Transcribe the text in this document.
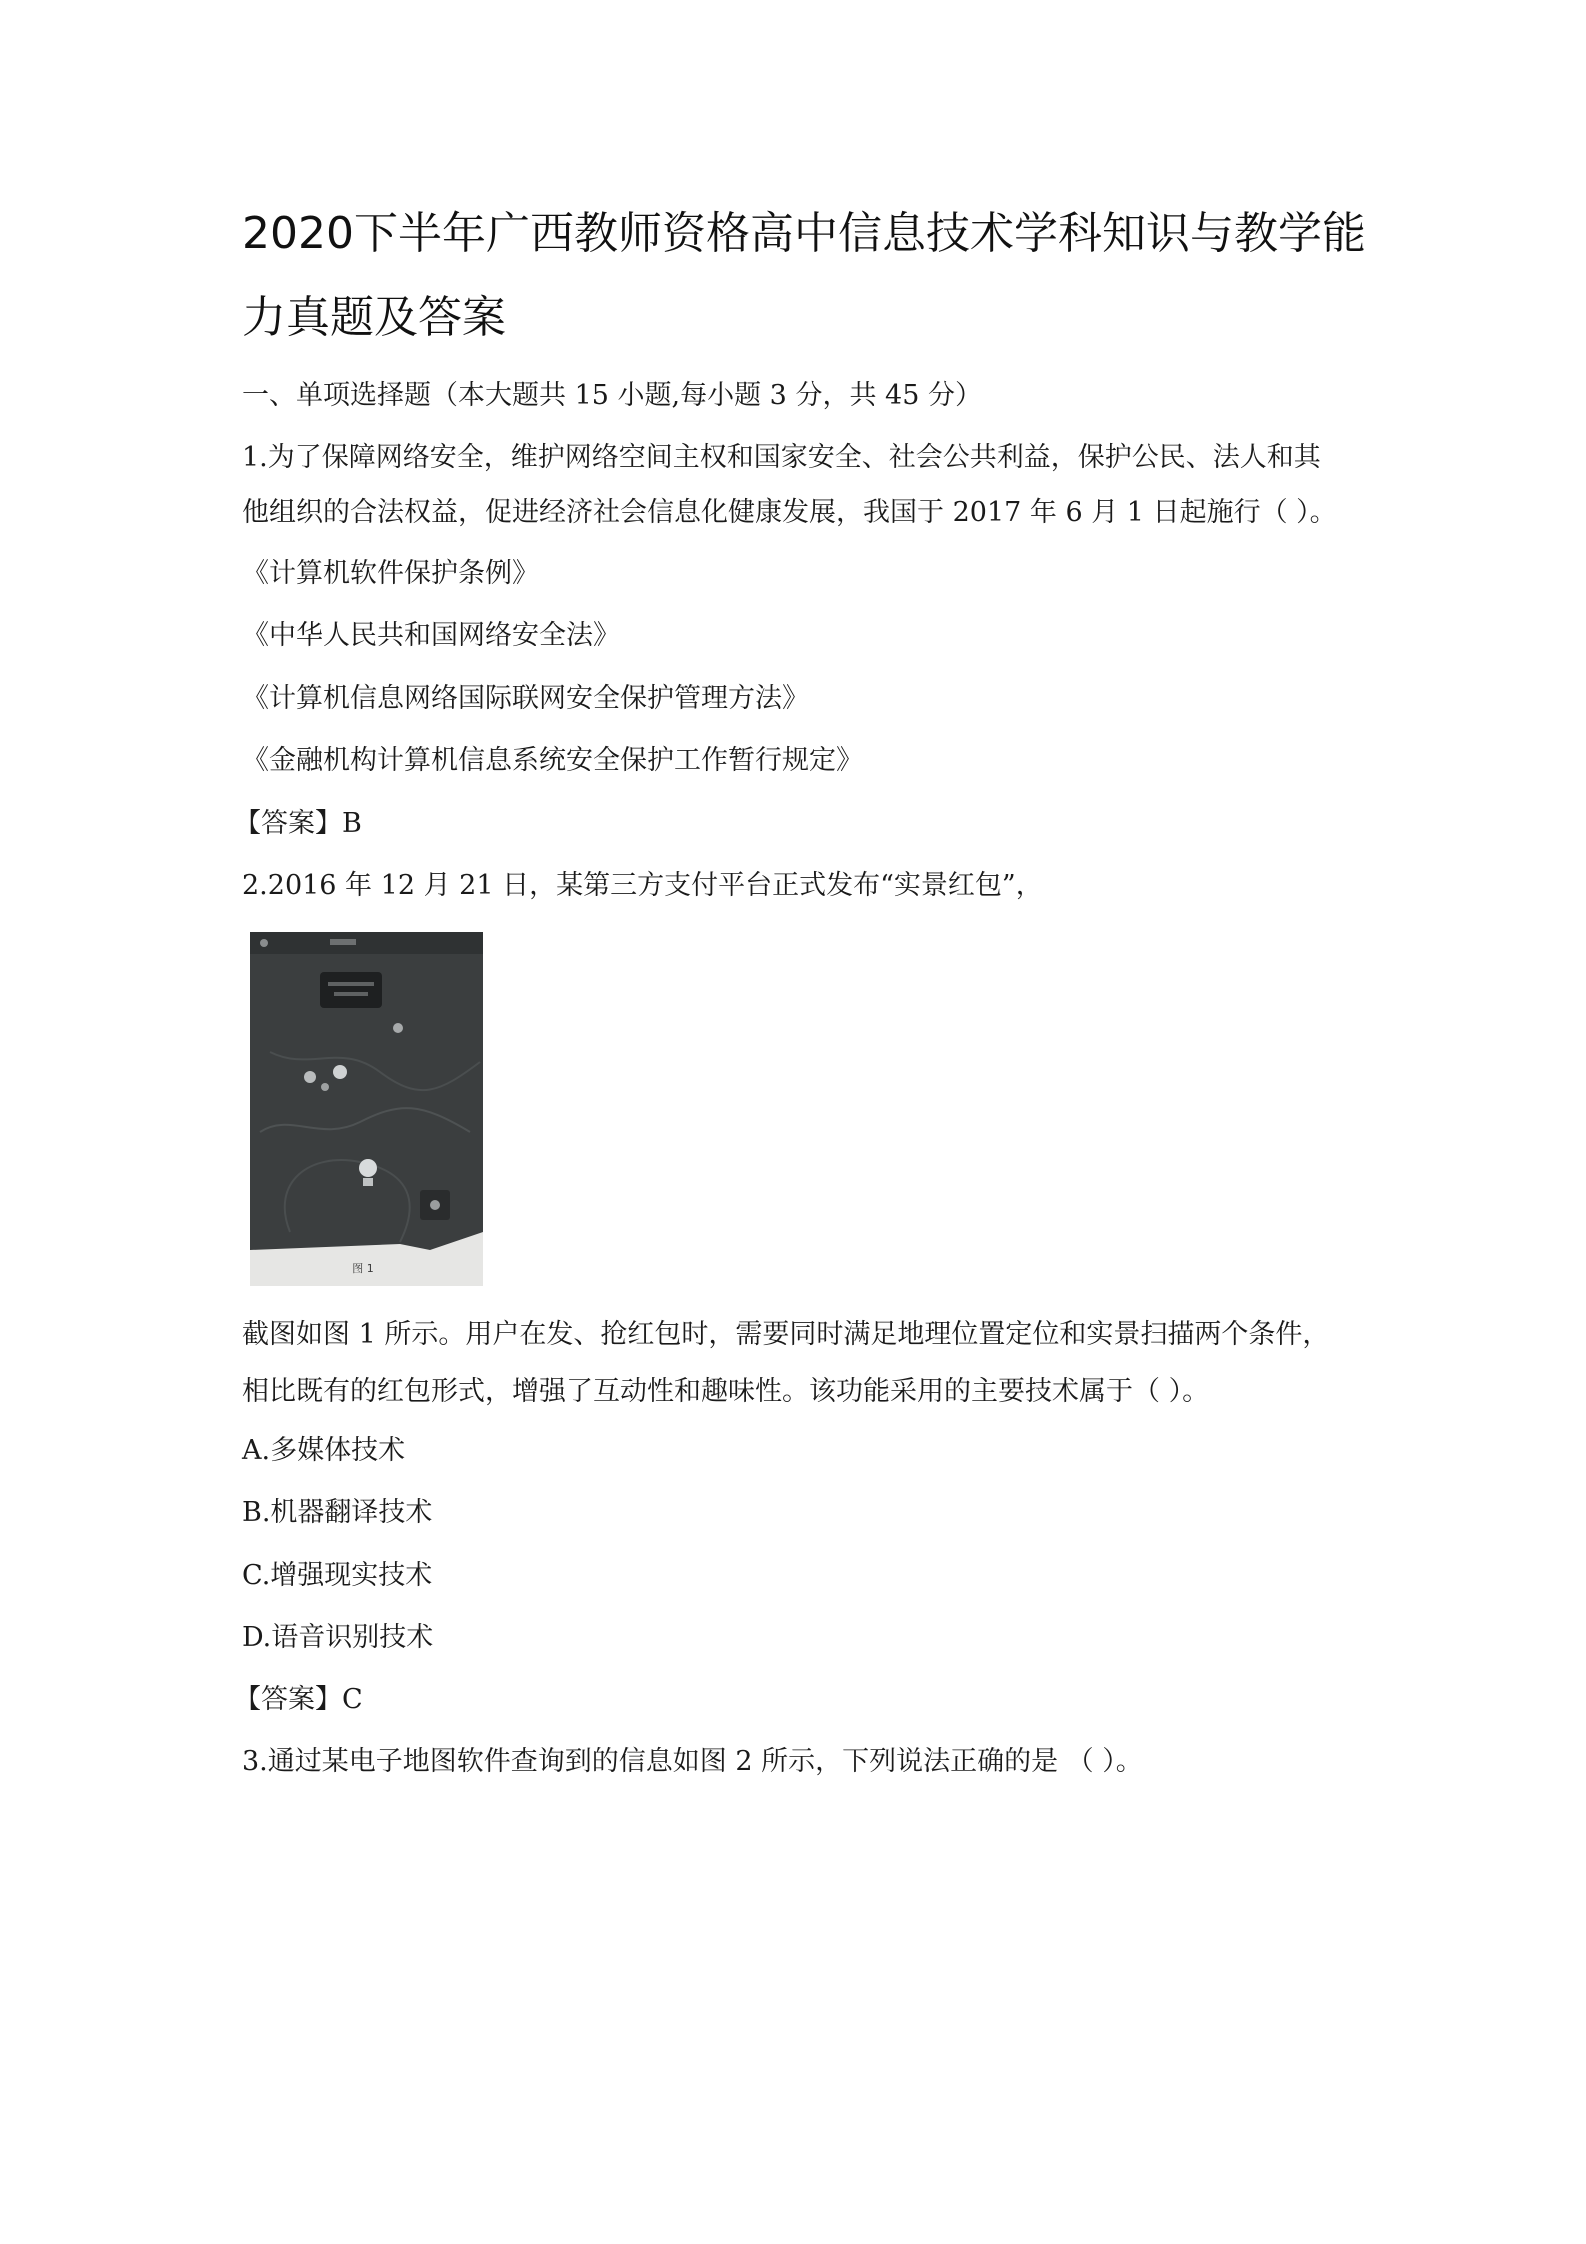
2020下半年广西教师资格高中信息技术学科知识与教学能
力真题及答案
一、单项选择题（本大题共 15 小题,每小题 3 分，共 45 分）
1.为了保障网络安全，维护网络空间主权和国家安全、社会公共利益，保护公民、法人和其
他组织的合法权益，促进经济社会信息化健康发展，我国于 2017 年 6 月 1 日起施行（ ）。
《计算机软件保护条例》
《中华人民共和国网络安全法》
《计算机信息网络国际联网安全保护管理方法》
《金融机构计算机信息系统安全保护工作暂行规定》
【答案】B
2.2016 年 12 月 21 日，某第三方支付平台正式发布“实景红包”，
图 1
截图如图 1 所示。用户在发、抢红包时，需要同时满足地理位置定位和实景扫描两个条件，
相比既有的红包形式，增强了互动性和趣味性。该功能采用的主要技术属于（ ）。
A.多媒体技术
B.机器翻译技术
C.增强现实技术
D.语音识别技术
【答案】C
3.通过某电子地图软件查询到的信息如图 2 所示，下列说法正确的是 （ ）。
